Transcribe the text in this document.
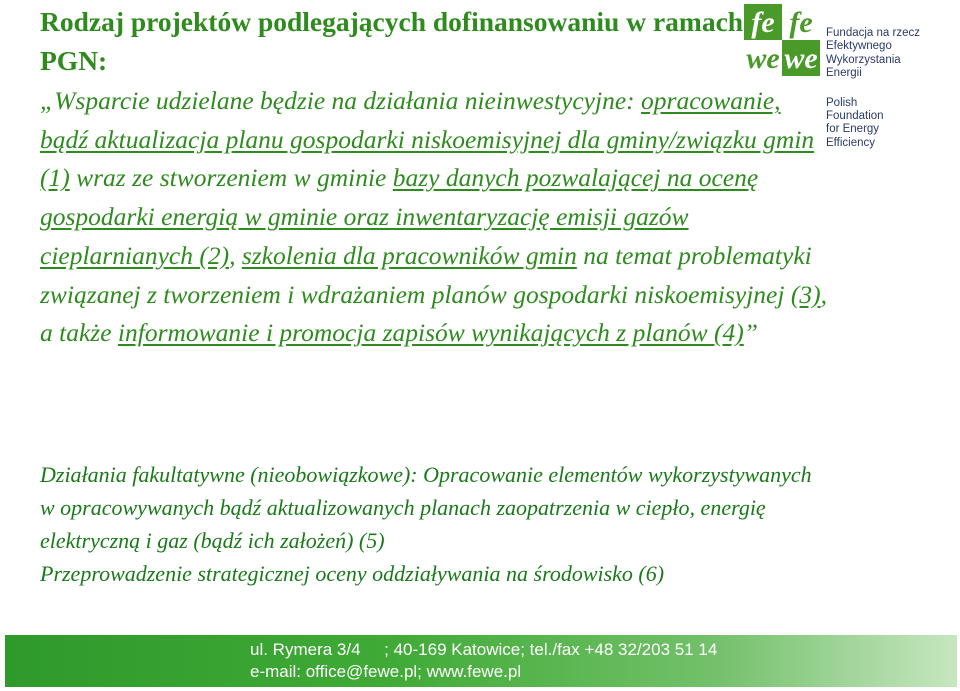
Rodzaj projektów podlegających dofinansowaniu w ramach PGN:

„Wsparcie udzielane będzie na działania nieinwestycyjne: opracowanie, bądź aktualizacja planu gospodarki niskoemisyjnej dla gminy/związku gmin (1) wraz ze stworzeniem w gminie bazy danych pozwalającej na ocenę gospodarki energią w gminie oraz inwentaryzację emisji gazów cieplarnianych (2), szkolenia dla pracowników gmin na temat problematyki związanej z tworzeniem i wdrażaniem planów gospodarki niskoemisyjnej (3), a także informowanie i promocja zapisów wynikających z planów (4)”

Działania fakultatywne (nieobowiązkowe): Opracowanie elementów wykorzystywanych w opracowywanych bądź aktualizowanych planach zaopatrzenia w ciepło, energię elektryczną i gaz (bądź ich założeń) (5)
Przeprowadzenie strategicznej oceny oddziaływania na środowisko (6)
fe
we
fe
we
Fundacja na rzecz
Efektywnego
Wykorzystania
Energii
Polish
Foundation
for Energy
Efficiency
ul. Rymera 3/4     ; 40-169 Katowice; tel./fax +48 32/203 51 14
e-mail: office@fewe.pl; www.fewe.pl
